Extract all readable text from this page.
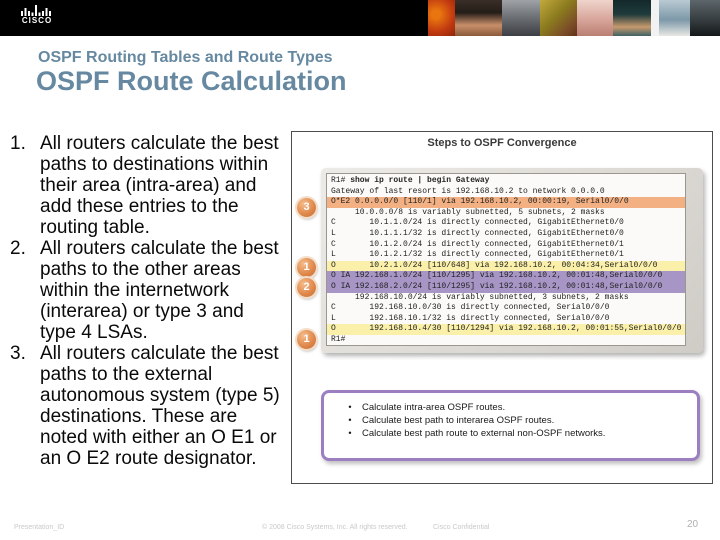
CISCO
OSPF Routing Tables and Route Types
OSPF Route Calculation
1. All routers calculate the best paths to destinations within their area (intra-area) and add these entries to the routing table.
2. All routers calculate the best paths to the other areas within the internetwork (interarea) or type 3 and type 4 LSAs.
3. All routers calculate the best paths to the external autonomous system (type 5) destinations. These are noted with either an O E1 or an O E2 route designator.
Steps to OSPF Convergence
R1# show ip route | begin Gateway
Gateway of last resort is 192.168.10.2 to network 0.0.0.0
O*E2 0.0.0.0/0 [110/1] via 192.168.10.2, 00:00:19, Serial0/0/0
10.0.0.0/8 is variably subnetted, 5 subnets, 2 masks
C       10.1.1.0/24 is directly connected, GigabitEthernet0/0
L       10.1.1.1/32 is directly connected, GigabitEthernet0/0
C       10.1.2.0/24 is directly connected, GigabitEthernet0/1
L       10.1.2.1/32 is directly connected, GigabitEthernet0/1
O       10.2.1.0/24 [110/648] via 192.168.10.2, 00:04:34,Serial0/0/0
O IA 192.168.1.0/24 [110/1295] via 192.168.10.2, 00:01:48,Serial0/0/0
O IA 192.168.2.0/24 [110/1295] via 192.168.10.2, 00:01:48,Serial0/0/0
192.168.10.0/24 is variably subnetted, 3 subnets, 2 masks
C       192.168.10.0/30 is directly connected, Serial0/0/0
L       192.168.10.1/32 is directly connected, Serial0/0/0
O       192.168.10.4/30 [110/1294] via 192.168.10.2, 00:01:55,Serial0/0/0
R1#
•	Calculate intra-area OSPF routes.
•	Calculate best path to interarea OSPF routes.
•	Calculate best path route to external non-OSPF networks.
3
1
2
1
Presentation_ID	© 2008 Cisco Systems, Inc. All rights reserved.	Cisco Confidential	20
